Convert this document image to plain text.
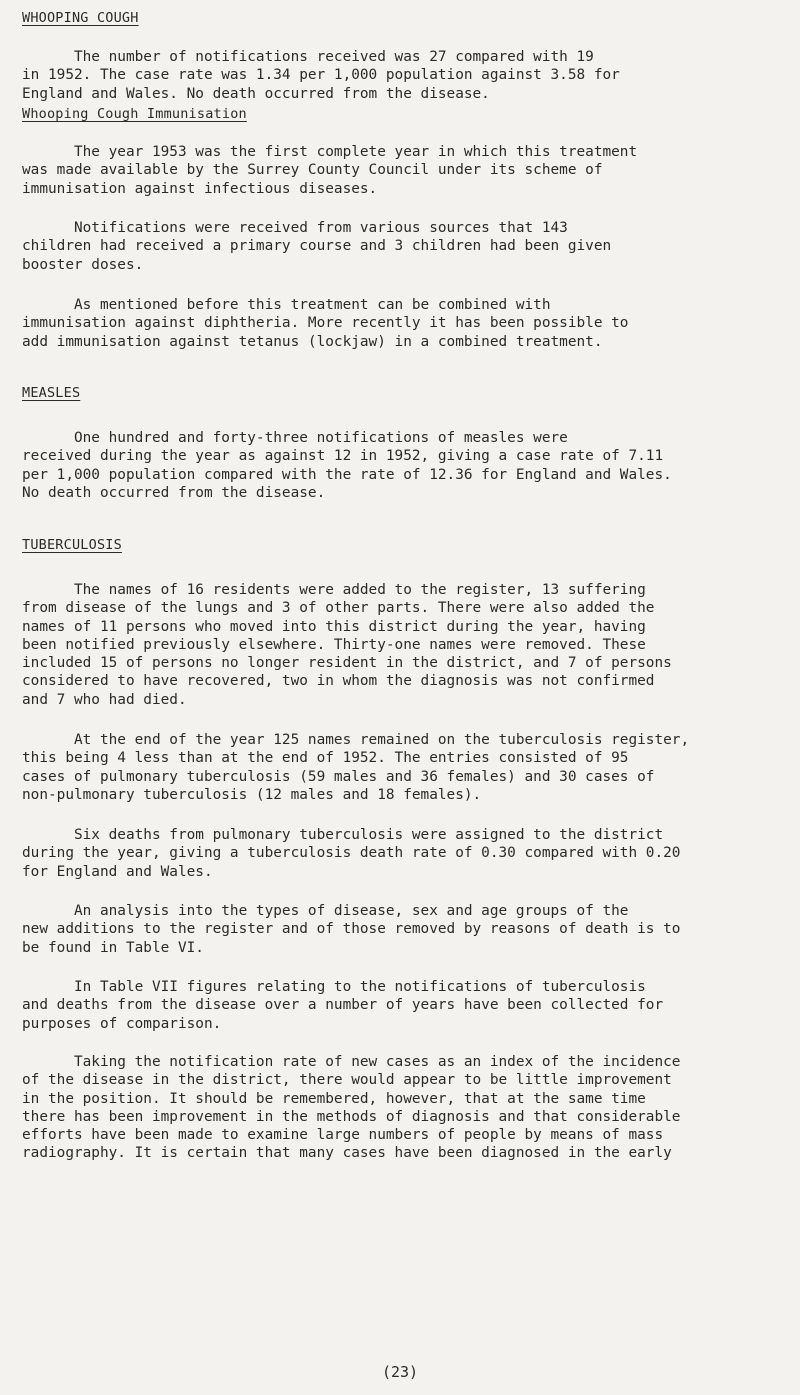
WHOOPING COUGH
The number of notifications received was 27 compared with 19
in 1952. The case rate was 1.34 per 1,000 population against 3.58 for
England and Wales. No death occurred from the disease.
Whooping Cough Immunisation
The year 1953 was the first complete year in which this treatment
was made available by the Surrey County Council under its scheme of
immunisation against infectious diseases.
Notifications were received from various sources that 143
children had received a primary course and 3 children had been given
booster doses.
As mentioned before this treatment can be combined with
immunisation against diphtheria. More recently it has been possible to
add immunisation against tetanus (lockjaw) in a combined treatment.
MEASLES
One hundred and forty-three notifications of measles were
received during the year as against 12 in 1952, giving a case rate of 7.11
per 1,000 population compared with the rate of 12.36 for England and Wales.
No death occurred from the disease.
TUBERCULOSIS
The names of 16 residents were added to the register, 13 suffering
from disease of the lungs and 3 of other parts. There were also added the
names of 11 persons who moved into this district during the year, having
been notified previously elsewhere. Thirty-one names were removed. These
included 15 of persons no longer resident in the district, and 7 of persons
considered to have recovered, two in whom the diagnosis was not confirmed
and 7 who had died.
At the end of the year 125 names remained on the tuberculosis register,
this being 4 less than at the end of 1952. The entries consisted of 95
cases of pulmonary tuberculosis (59 males and 36 females) and 30 cases of
non-pulmonary tuberculosis (12 males and 18 females).
Six deaths from pulmonary tuberculosis were assigned to the district
during the year, giving a tuberculosis death rate of 0.30 compared with 0.20
for England and Wales.
An analysis into the types of disease, sex and age groups of the
new additions to the register and of those removed by reasons of death is to
be found in Table VI.
In Table VII figures relating to the notifications of tuberculosis
and deaths from the disease over a number of years have been collected for
purposes of comparison.
Taking the notification rate of new cases as an index of the incidence
of the disease in the district, there would appear to be little improvement
in the position. It should be remembered, however, that at the same time
there has been improvement in the methods of diagnosis and that considerable
efforts have been made to examine large numbers of people by means of mass
radiography. It is certain that many cases have been diagnosed in the early
(23)
